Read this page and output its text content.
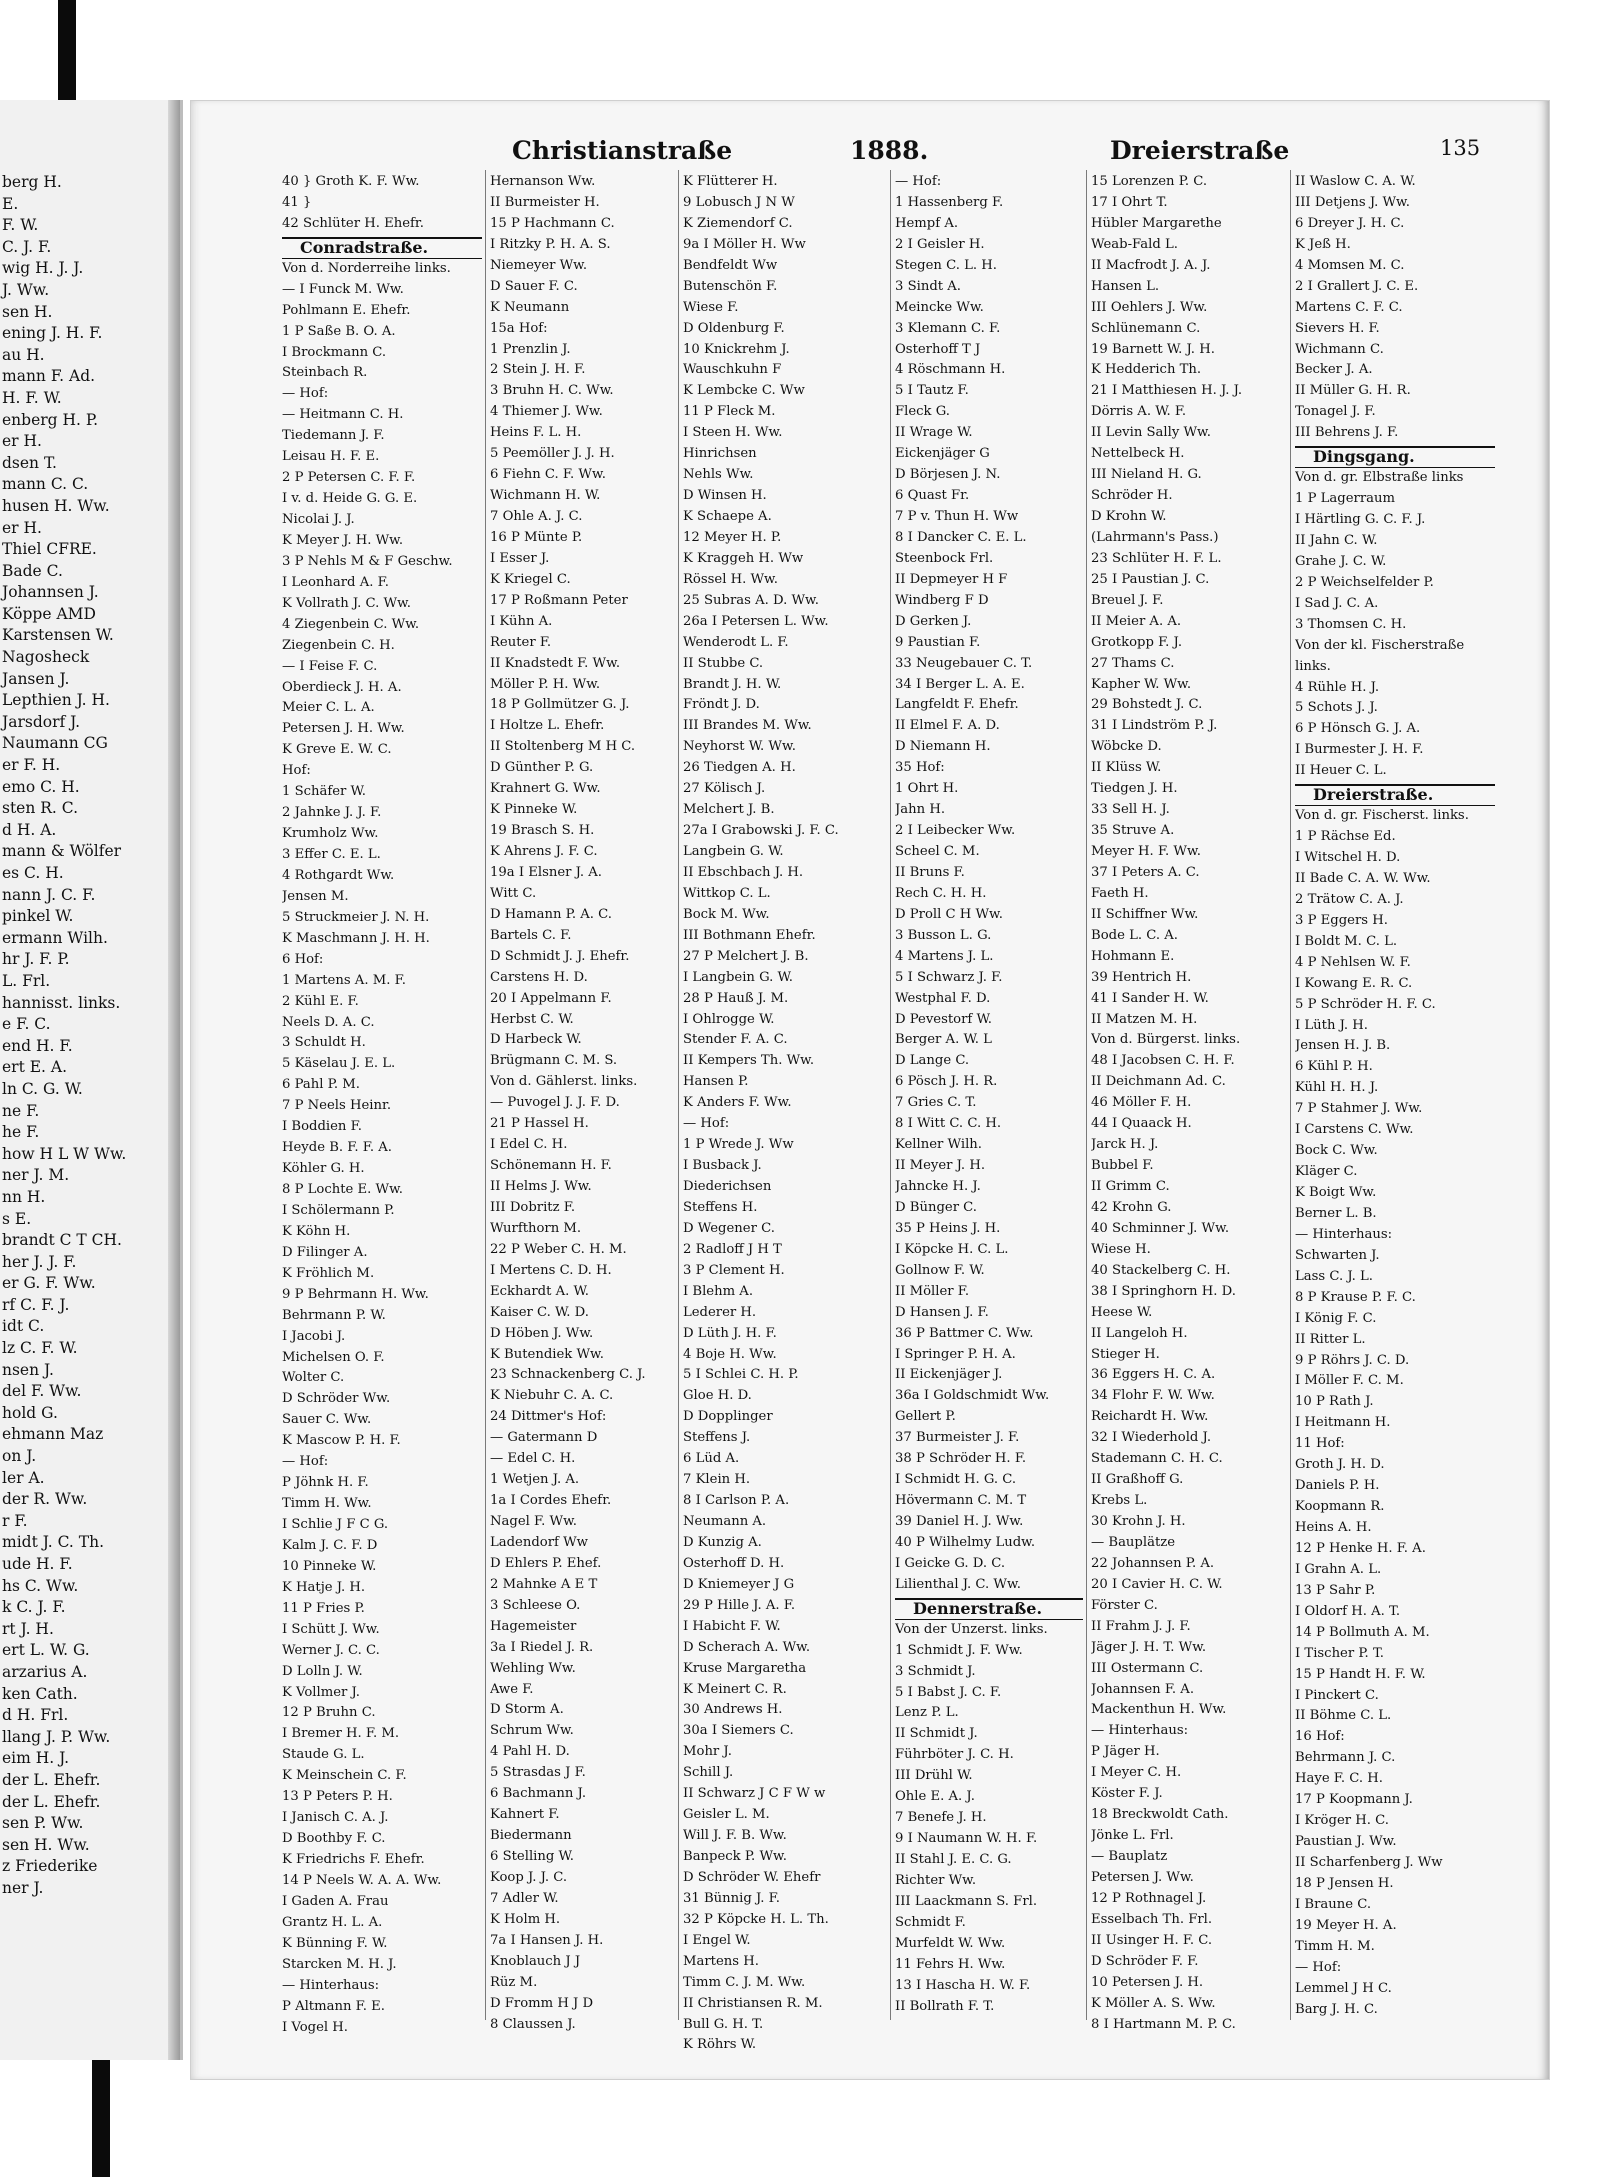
berg H.
E.
F. W.
C. J. F.
wig H. J. J.
J. Ww.
sen H.
ening J. H. F.
au H.
mann F. Ad.
H. F. W.
enberg H. P.
er H.
dsen T.
mann C. C.
husen H. Ww.
er H.
Thiel CFRE.
Bade C.
Johannsen J.
Köppe AMD
Karstensen W.
Nagosheck
Jansen J.
Lepthien J. H.
Jarsdorf J.
Naumann CG
er F. H.
emo C. H.
sten R. C.
d H. A.
mann & Wölfer
es C. H.
nann J. C. F.
pinkel W.
ermann Wilh.
hr J. F. P.
L. Frl.
hannisst. links.
e F. C.
end H. F.
ert E. A.
ln C. G. W.
ne F.
he F.
how H L W Ww.
ner J. M.
nn H.
s E.
brandt C T CH.
her J. J. F.
er G. F. Ww.
rf C. F. J.
idt C.
lz C. F. W.
nsen J.
del F. Ww.
hold G.
ehmann Maz
on J.
ler A.
der R. Ww.
r F.
midt J. C. Th.
ude H. F.
hs C. Ww.
k C. J. F.
rt J. H.
ert L. W. G.
arzarius A.
ken Cath.
d H. Frl.
llang J. P. Ww.
eim H. J.
der L. Ehefr.
der L. Ehefr.
sen P. Ww.
sen H. Ww.
z Friederike
ner J.
Christianstraße	1888.	Dreierstraße	135
40 } Groth K. F. Ww.
41 }
42 Schlüter H. Ehefr.
Conradstraße.
Von d. Norderreihe links.
— I Funck M. Ww.
Pohlmann E. Ehefr.
1 P Saße B. O. A.
I Brockmann C.
Steinbach R.
— Hof:
— Heitmann C. H.
Tiedemann J. F.
Leisau H. F. E.
2 P Petersen C. F. F.
I v. d. Heide G. G. E.
Nicolai J. J.
K Meyer J. H. Ww.
3 P Nehls M & F Geschw.
I Leonhard A. F.
K Vollrath J. C. Ww.
4 Ziegenbein C. Ww.
Ziegenbein C. H.
— I Feise F. C.
Oberdieck J. H. A.
Meier C. L. A.
Petersen J. H. Ww.
K Greve E. W. C.
Hof:
1 Schäfer W.
2 Jahnke J. J. F.
Krumholz Ww.
3 Effer C. E. L.
4 Rothgardt Ww.
Jensen M.
5 Struckmeier J. N. H.
K Maschmann J. H. H.
6 Hof:
1 Martens A. M. F.
2 Kühl E. F.
Neels D. A. C.
3 Schuldt H.
5 Käselau J. E. L.
6 Pahl P. M.
7 P Neels Heinr.
I Boddien F.
Heyde B. F. F. A.
Köhler G. H.
8 P Lochte E. Ww.
I Schölermann P.
K Köhn H.
D Filinger A.
K Fröhlich M.
9 P Behrmann H. Ww.
Behrmann P. W.
I Jacobi J.
Michelsen O. F.
Wolter C.
D Schröder Ww.
Sauer C. Ww.
K Mascow P. H. F.
— Hof:
P Jöhnk H. F.
Timm H. Ww.
I Schlie J F C G.
Kalm J. C. F. D
10 Pinneke W.
K Hatje J. H.
11 P Fries P.
I Schütt J. Ww.
Werner J. C. C.
D Lolln J. W.
K Vollmer J.
12 P Bruhn C.
I Bremer H. F. M.
Staude G. L.
K Meinschein C. F.
13 P Peters P. H.
I Janisch C. A. J.
D Boothby F. C.
K Friedrichs F. Ehefr.
14 P Neels W. A. A. Ww.
I Gaden A. Frau
Grantz H. L. A.
K Bünning F. W.
Starcken M. H. J.
— Hinterhaus:
P Altmann F. E.
I Vogel H.
Hernanson Ww.
II Burmeister H.
15 P Hachmann C.
I Ritzky P. H. A. S.
Niemeyer Ww.
D Sauer F. C.
K Neumann
15a Hof:
1 Prenzlin J.
2 Stein J. H. F.
3 Bruhn H. C. Ww.
4 Thiemer J. Ww.
Heins F. L. H.
5 Peemöller J. J. H.
6 Fiehn C. F. Ww.
Wichmann H. W.
7 Ohle A. J. C.
16 P Münte P.
I Esser J.
K Kriegel C.
17 P Roßmann Peter
I Kühn A.
Reuter F.
II Knadstedt F. Ww.
Möller P. H. Ww.
18 P Gollmützer G. J.
I Holtze L. Ehefr.
II Stoltenberg M H C.
D Günther P. G.
Krahnert G. Ww.
K Pinneke W.
19 Brasch S. H.
K Ahrens J. F. C.
19a I Elsner J. A.
Witt C.
D Hamann P. A. C.
Bartels C. F.
D Schmidt J. J. Ehefr.
Carstens H. D.
20 I Appelmann F.
Herbst C. W.
D Harbeck W.
Brügmann C. M. S.
Von d. Gählerst. links.
— Puvogel J. J. F. D.
21 P Hassel H.
I Edel C. H.
Schönemann H. F.
II Helms J. Ww.
III Dobritz F.
Wurfthorn M.
22 P Weber C. H. M.
I Mertens C. D. H.
Eckhardt A. W.
Kaiser C. W. D.
D Höben J. Ww.
K Butendiek Ww.
23 Schnackenberg C. J.
K Niebuhr C. A. C.
24 Dittmer's Hof:
— Gatermann D
— Edel C. H.
1 Wetjen J. A.
1a I Cordes Ehefr.
Nagel F. Ww.
Ladendorf Ww
D Ehlers P. Ehef.
2 Mahnke A E T
3 Schleese O.
Hagemeister
3a I Riedel J. R.
Wehling Ww.
Awe F.
D Storm A.
Schrum Ww.
4 Pahl H. D.
5 Strasdas J F.
6 Bachmann J.
Kahnert F.
Biedermann
6 Stelling W.
Koop J. J. C.
7 Adler W.
K Holm H.
7a I Hansen J. H.
Knoblauch J J
Rüz M.
D Fromm H J D
8 Claussen J.
K Flütterer H.
9 Lobusch J N W
K Ziemendorf C.
9a I Möller H. Ww
Bendfeldt Ww
Butenschön F.
Wiese F.
D Oldenburg F.
10 Knickrehm J.
Wauschkuhn F
K Lembcke C. Ww
11 P Fleck M.
I Steen H. Ww.
Hinrichsen
Nehls Ww.
D Winsen H.
K Schaepe A.
12 Meyer H. P.
K Kraggeh H. Ww
Rössel H. Ww.
25 Subras A. D. Ww.
26a I Petersen L. Ww.
Wenderodt L. F.
II Stubbe C.
Brandt J. H. W.
Fröndt J. D.
III Brandes M. Ww.
Neyhorst W. Ww.
26 Tiedgen A. H.
27 Kölisch J.
Melchert J. B.
27a I Grabowski J. F. C.
Langbein G. W.
II Ebschbach J. H.
Wittkop C. L.
Bock M. Ww.
III Bothmann Ehefr.
27 P Melchert J. B.
I Langbein G. W.
28 P Hauß J. M.
I Ohlrogge W.
Stender F. A. C.
II Kempers Th. Ww.
Hansen P.
K Anders F. Ww.
— Hof:
1 P Wrede J. Ww
I Busback J.
Diederichsen
Steffens H.
D Wegener C.
2 Radloff J H T
3 P Clement H.
I Blehm A.
Lederer H.
D Lüth J. H. F.
4 Boje H. Ww.
5 I Schlei C. H. P.
Gloe H. D.
D Dopplinger
Steffens J.
6 Lüd A.
7 Klein H.
8 I Carlson P. A.
Neumann A.
D Kunzig A.
Osterhoff D. H.
D Kniemeyer J G
29 P Hille J. A. F.
I Habicht F. W.
D Scherach A. Ww.
Kruse Margaretha
K Meinert C. R.
30 Andrews H.
30a I Siemers C.
Mohr J.
Schill J.
II Schwarz J C F W w
Geisler L. M.
Will J. F. B. Ww.
Banpeck P. Ww.
D Schröder W. Ehefr
31 Bünnig J. F.
32 P Köpcke H. L. Th.
I Engel W.
Martens H.
Timm C. J. M. Ww.
II Christiansen R. M.
Bull G. H. T.
K Röhrs W.
— Hof:
1 Hassenberg F.
Hempf A.
2 I Geisler H.
Stegen C. L. H.
3 Sindt A.
Meincke Ww.
3 Klemann C. F.
Osterhoff T J
4 Röschmann H.
5 I Tautz F.
Fleck G.
II Wrage W.
Eickenjäger G
D Börjesen J. N.
6 Quast Fr.
7 P v. Thun H. Ww
8 I Dancker C. E. L.
Steenbock Frl.
II Depmeyer H F
Windberg F D
D Gerken J.
9 Paustian F.
33 Neugebauer C. T.
34 I Berger L. A. E.
Langfeldt F. Ehefr.
II Elmel F. A. D.
D Niemann H.
35 Hof:
1 Ohrt H.
Jahn H.
2 I Leibecker Ww.
Scheel C. M.
II Bruns F.
Rech C. H. H.
D Proll C H Ww.
3 Busson L. G.
4 Martens J. L.
5 I Schwarz J. F.
Westphal F. D.
D Pevestorf W.
Berger A. W. L
D Lange C.
6 Pösch J. H. R.
7 Gries C. T.
8 I Witt C. C. H.
Kellner Wilh.
II Meyer J. H.
Jahncke H. J.
D Bünger C.
35 P Heins J. H.
I Köpcke H. C. L.
Gollnow F. W.
II Möller F.
D Hansen J. F.
36 P Battmer C. Ww.
I Springer P. H. A.
II Eickenjäger J.
36a I Goldschmidt Ww.
Gellert P.
37 Burmeister J. F.
38 P Schröder H. F.
I Schmidt H. G. C.
Hövermann C. M. T
39 Daniel H. J. Ww.
40 P Wilhelmy Ludw.
I Geicke G. D. C.
Lilienthal J. C. Ww.
Dennerstraße.
Von der Unzerst. links.
1 Schmidt J. F. Ww.
3 Schmidt J.
5 I Babst J. C. F.
Lenz P. L.
II Schmidt J.
Führböter J. C. H.
III Drühl W.
Ohle E. A. J.
7 Benefe J. H.
9 I Naumann W. H. F.
II Stahl J. E. C. G.
Richter Ww.
III Laackmann S. Frl.
Schmidt F.
Murfeldt W. Ww.
11 Fehrs H. Ww.
13 I Hascha H. W. F.
II Bollrath F. T.
15 Lorenzen P. C.
17 I Ohrt T.
Hübler Margarethe
Weab-Fald L.
II Macfrodt J. A. J.
Hansen L.
III Oehlers J. Ww.
Schlünemann C.
19 Barnett W. J. H.
K Hedderich Th.
21 I Matthiesen H. J. J.
Dörris A. W. F.
II Levin Sally Ww.
Nettelbeck H.
III Nieland H. G.
Schröder H.
D Krohn W.
(Lahrmann's Pass.)
23 Schlüter H. F. L.
25 I Paustian J. C.
Breuel J. F.
II Meier A. A.
Grotkopp F. J.
27 Thams C.
Kapher W. Ww.
29 Bohstedt J. C.
31 I Lindström P. J.
Wöbcke D.
II Klüss W.
Tiedgen J. H.
33 Sell H. J.
35 Struve A.
Meyer H. F. Ww.
37 I Peters A. C.
Faeth H.
II Schiffner Ww.
Bode L. C. A.
Hohmann E.
39 Hentrich H.
41 I Sander H. W.
II Matzen M. H.
Von d. Bürgerst. links.
48 I Jacobsen C. H. F.
II Deichmann Ad. C.
46 Möller F. H.
44 I Quaack H.
Jarck H. J.
Bubbel F.
II Grimm C.
42 Krohn G.
40 Schminner J. Ww.
Wiese H.
40 Stackelberg C. H.
38 I Springhorn H. D.
Heese W.
II Langeloh H.
Stieger H.
36 Eggers H. C. A.
34 Flohr F. W. Ww.
Reichardt H. Ww.
32 I Wiederhold J.
Stademann C. H. C.
II Graßhoff G.
Krebs L.
30 Krohn J. H.
— Bauplätze
22 Johannsen P. A.
20 I Cavier H. C. W.
Förster C.
II Frahm J. J. F.
Jäger J. H. T. Ww.
III Ostermann C.
Johannsen F. A.
Mackenthun H. Ww.
— Hinterhaus:
P Jäger H.
I Meyer C. H.
Köster F. J.
18 Breckwoldt Cath.
Jönke L. Frl.
— Bauplatz
Petersen J. Ww.
12 P Rothnagel J.
Esselbach Th. Frl.
II Usinger H. F. C.
D Schröder F. F.
10 Petersen J. H.
K Möller A. S. Ww.
8 I Hartmann M. P. C.
II Waslow C. A. W.
III Detjens J. Ww.
6 Dreyer J. H. C.
K Jeß H.
4 Momsen M. C.
2 I Grallert J. C. E.
Martens C. F. C.
Sievers H. F.
Wichmann C.
Becker J. A.
II Müller G. H. R.
Tonagel J. F.
III Behrens J. F.
Dingsgang.
Von d. gr. Elbstraße links
1 P Lagerraum
I Härtling G. C. F. J.
II Jahn C. W.
Grahe J. C. W.
2 P Weichselfelder P.
I Sad J. C. A.
3 Thomsen C. H.
Von der kl. Fischerstraße
links.
4 Rühle H. J.
5 Schots J. J.
6 P Hönsch G. J. A.
I Burmester J. H. F.
II Heuer C. L.
Dreierstraße.
Von d. gr. Fischerst. links.
1 P Rächse Ed.
I Witschel H. D.
II Bade C. A. W. Ww.
2 Trätow C. A. J.
3 P Eggers H.
I Boldt M. C. L.
4 P Nehlsen W. F.
I Kowang E. R. C.
5 P Schröder H. F. C.
I Lüth J. H.
Jensen H. J. B.
6 Kühl P. H.
Kühl H. H. J.
7 P Stahmer J. Ww.
I Carstens C. Ww.
Bock C. Ww.
Kläger C.
K Boigt Ww.
Berner L. B.
— Hinterhaus:
Schwarten J.
Lass C. J. L.
8 P Krause P. F. C.
I König F. C.
II Ritter L.
9 P Röhrs J. C. D.
I Möller F. C. M.
10 P Rath J.
I Heitmann H.
11 Hof:
Groth J. H. D.
Daniels P. H.
Koopmann R.
Heins A. H.
12 P Henke H. F. A.
I Grahn A. L.
13 P Sahr P.
I Oldorf H. A. T.
14 P Bollmuth A. M.
I Tischer P. T.
15 P Handt H. F. W.
I Pinckert C.
II Böhme C. L.
16 Hof:
Behrmann J. C.
Haye F. C. H.
17 P Koopmann J.
I Kröger H. C.
Paustian J. Ww.
II Scharfenberg J. Ww
18 P Jensen H.
I Braune C.
19 Meyer H. A.
Timm H. M.
— Hof:
Lemmel J H C.
Barg J. H. C.
